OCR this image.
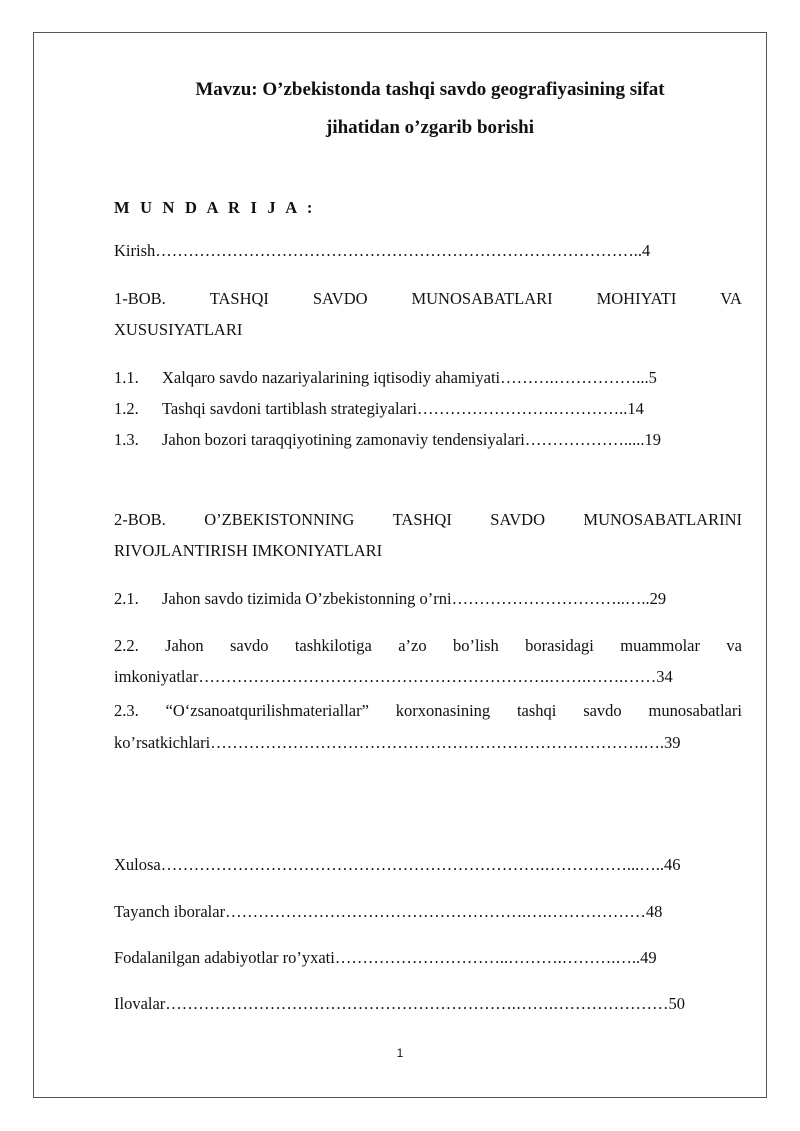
Mavzu: O’zbekistonda tashqi savdo geografiyasining sifat
jihatidan o’zgarib borishi
M U N D A R I J A :
Kirish……………………………………………………………………………..4
1-BOB.	TASHQI	SAVDO	MUNOSABATLARI	MOHIYATI	VA
XUSUSIYATLARI
1.1. Xalqaro savdo nazariyalarining iqtisodiy ahamiyati……….……………...5
1.2. Tashqi savdoni tartiblash strategiyalari…………………….…………..14
1.3. Jahon bozori taraqqiyotining zamonaviy tendensiyalari……………….....19
2-BOB. O’ZBEKISTONNING TASHQI SAVDO MUNOSABATLARINI
RIVOJLANTIRISH IMKONIYATLARI
2.1. Jahon savdo tizimida O’zbekistonning o’rni…………………………..…..29
2.2. Jahon savdo tashkilotiga a’zo bo’lish borasidagi muammolar va
imkoniyatlar……………………………………………………….…….…….……34
2.3. “O‘zsanoatqurilishmateriallar” korxonasining tashqi savdo munosabatlari
ko’rsatkichlari…………………………………………………………………….….39
Xulosa…………………………………………………………….……………...…..46
Tayanch iboralar……………………………………………….….………………48
Fodalanilgan adabiyotlar ro’yxati…………………………..……….……….…..49
Ilovalar……………………………………………………….…….…………………50
1
